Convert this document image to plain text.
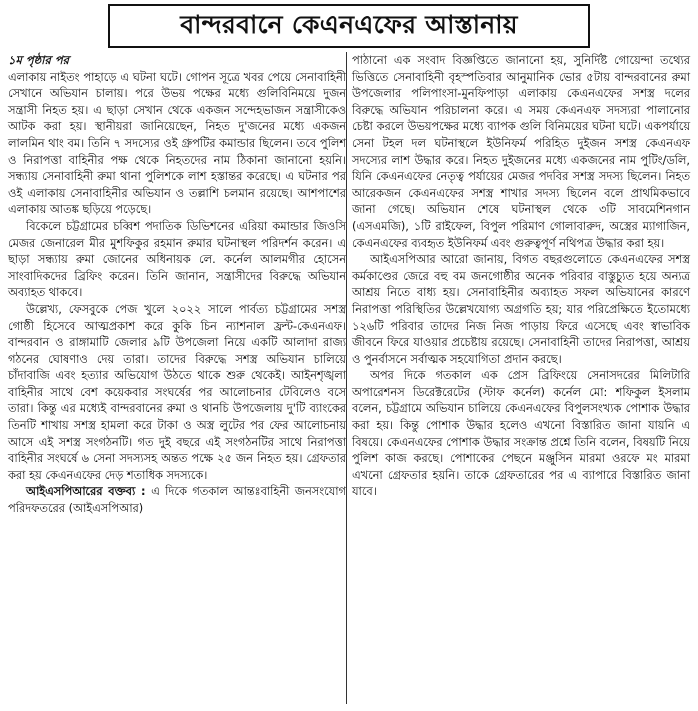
বান্দরবানে কেএনএফের আস্তানায়

১ম পৃষ্ঠার পর

এলাকায় নাইতং পাহাড়ে এ ঘটনা ঘটে। গোপন সূত্রে খবর পেয়ে সেনাবাহিনী সেখানে অভিযান চালায়। পরে উভয় পক্ষের মধ্যে গুলিবিনিময়ে দুজন সন্ত্রাসী নিহত হয়। এ ছাড়া সেখান থেকে একজন সন্দেহভাজন সন্ত্রাসীকেও আটক করা হয়। স্থানীয়রা জানিয়েছেন, নিহত দু'জনের মধ্যে একজন লালমিন থাং বম। তিনি ৭ সদস্যের ওই গ্রুপটির কমান্ডার ছিলেন। তবে পুলিশ ও নিরাপত্তা বাহিনীর পক্ষ থেকে নিহতদের নাম ঠিকানা জানানো হয়নি। সন্ধ্যায় সেনাবাহিনী রুমা থানা পুলিশকে লাশ হস্তান্তর করেছে। এ ঘটনার পর ওই এলাকায় সেনাবাহিনীর অভিযান ও তল্লাশি চলমান রয়েছে। আশপাশের এলাকায় আতঙ্ক ছড়িয়ে পড়েছে।

বিকেলে চট্টগ্রামের চব্বিশ পদাতিক ডিভিশনের এরিয়া কমান্ডার জিওসি মেজর জেনারেল মীর মুশফিকুর রহমান রুমার ঘটনাস্থল পরিদর্শন করেন। এ ছাড়া সন্ধ্যায় রুমা জোনের অধিনায়ক লে. কর্নেল আলমগীর হোসেন সাংবাদিকদের ব্রিফিং করেন। তিনি জানান, সন্ত্রাসীদের বিরুদ্ধে অভিযান অব্যাহত থাকবে।

উল্লেখ্য, ফেসবুকে পেজ খুলে ২০২২ সালে পার্বত্য চট্টগ্রামের সশস্ত্র গোষ্ঠী হিসেবে আত্মপ্রকাশ করে কুকি চিন ন্যাশনাল ফ্রন্ট-কেএনএফ। বান্দরবান ও রাঙ্গামাটি জেলার ৯টি উপজেলা নিয়ে একটি আলাদা রাজ্য গঠনের ঘোষণাও দেয় তারা। তাদের বিরুদ্ধে সশস্ত্র অভিযান চালিয়ে চাঁদাবাজি এবং হত্যার অভিযোগ উঠতে থাকে শুরু থেকেই। আইনশৃঙ্খলা বাহিনীর সাথে বেশ কয়েকবার সংঘর্ষের পর আলোচনার টেবিলেও বসে তারা। কিন্তু এর মধ্যেই বান্দরবানের রুমা ও থানচি উপজেলায় দু'টি ব্যাংকের তিনটি শাখায় সশস্ত্র হামলা করে টাকা ও অস্ত্র লুটের পর ফের আলোচনায় আসে এই সশস্ত্র সংগঠনটি। গত দুই বছরে এই সংগঠনটির সাথে নিরাপত্তা বাহিনীর সংঘর্ষে ৬ সেনা সদস্যসহ অন্তত পক্ষে ২৫ জন নিহত হয়। গ্রেফতার করা হয় কেএনএফের দেড় শতাধিক সদস্যকে।

আইএসপিআরের বক্তব্য : এ দিকে গতকাল আন্তঃবাহিনী জনসংযোগ পরিদফতরের (আইএসপিআর)

পাঠানো এক সংবাদ বিজ্ঞপ্তিতে জানানো হয়, সুনির্দিষ্ট গোয়েন্দা তথ্যের ভিত্তিতে সেনাবাহিনী বৃহস্পতিবার আনুমানিক ভোর ৫টায় বান্দরবানের রুমা উপজেলার পলিপাংসা-মুনফিপাড়া এলাকায় কেএনএফের সশস্ত্র দলের বিরুদ্ধে অভিযান পরিচালনা করে। এ সময় কেএনএফ সদস্যরা পালানোর চেষ্টা করলে উভয়পক্ষের মধ্যে ব্যাপক গুলি বিনিময়ের ঘটনা ঘটে। একপর্যায়ে সেনা টহল দল ঘটনাস্থলে ইউনিফর্ম পরিহিত দুইজন সশস্ত্র কেএনএফ সদস্যের লাশ উদ্ধার করে। নিহত দুইজনের মধ্যে একজনের নাম পুটিং/ডলি, যিনি কেএনএফের নেতৃত্ব পর্যায়ের মেজর পদবির সশস্ত্র সদস্য ছিলেন। নিহত আরেকজন কেএনএফের সশস্ত্র শাখার সদস্য ছিলেন বলে প্রাথমিকভাবে জানা গেছে। অভিযান শেষে ঘটনাস্থল থেকে ৩টি সাবমেশিনগান (এসএমজি), ১টি রাইফেল, বিপুল পরিমাণ গোলাবারুদ, অস্ত্রের ম্যাগাজিন, কেএনএফের ব্যবহৃত ইউনিফর্ম এবং গুরুত্বপূর্ণ নথিপত্র উদ্ধার করা হয়।

আইএসপিআর আরো জানায়, বিগত বছরগুলোতে কেএনএফের সশস্ত্র কর্মকাণ্ডের জেরে বহু বম জনগোষ্ঠীর অনেক পরিবার বাস্তুচ্যুত হয়ে অন্যত্র আশ্রয় নিতে বাধ্য হয়। সেনাবাহিনীর অব্যাহত সফল অভিযানের কারণে নিরাপত্তা পরিস্থিতির উল্লেখযোগ্য অগ্রগতি হয়; যার পরিপ্রেক্ষিতে ইতোমধ্যে ১২৬টি পরিবার তাদের নিজ নিজ পাড়ায় ফিরে এসেছে এবং স্বাভাবিক জীবনে ফিরে যাওয়ার প্রচেষ্টায় রয়েছে। সেনাবাহিনী তাদের নিরাপত্তা, আশ্রয় ও পুনর্বাসনে সর্বাত্মক সহযোগিতা প্রদান করছে।

অপর দিকে গতকাল এক প্রেস ব্রিফিংয়ে সেনাসদরের মিলিটারি অপারেশনস ডিরেক্টরেটের (স্টাফ কর্নেল) কর্নেল মো: শফিকুল ইসলাম বলেন, চট্টগ্রামে অভিযান চালিয়ে কেএনএফের বিপুলসংখ্যক পোশাক উদ্ধার করা হয়। কিন্তু পোশাক উদ্ধার হলেও এখনো বিস্তারিত জানা যায়নি এ বিষয়ে। কেএনএফের পোশাক উদ্ধার সংক্রান্ত প্রশ্নে তিনি বলেন, বিষয়টি নিয়ে পুলিশ কাজ করছে। পোশাকের পেছনে মঞ্জুসিন মারমা ওরফে মং মারমা এখনো গ্রেফতার হয়নি। তাকে গ্রেফতারের পর এ ব্যাপারে বিস্তারিত জানা যাবে।
